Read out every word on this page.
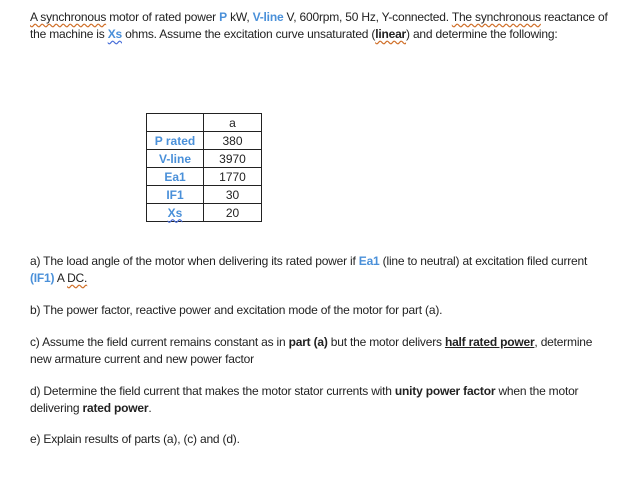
A synchronous motor of rated power P kW, V-line V, 600rpm, 50 Hz, Y-connected. The synchronous reactance of the machine is Xs ohms. Assume the excitation curve unsaturated (linear) and determine the following:
	a
P rated	380
V-line	3970
Ea1	1770
IF1	30
Xs	20
a) The load angle of the motor when delivering its rated power if Ea1 (line to neutral) at excitation filed current (IF1) A DC.
b) The power factor, reactive power and excitation mode of the motor for part (a).
c) Assume the field current remains constant as in part (a) but the motor delivers half rated power, determine new armature current and new power factor
d) Determine the field current that makes the motor stator currents with unity power factor when the motor delivering rated power.
e) Explain results of parts (a), (c) and (d).
